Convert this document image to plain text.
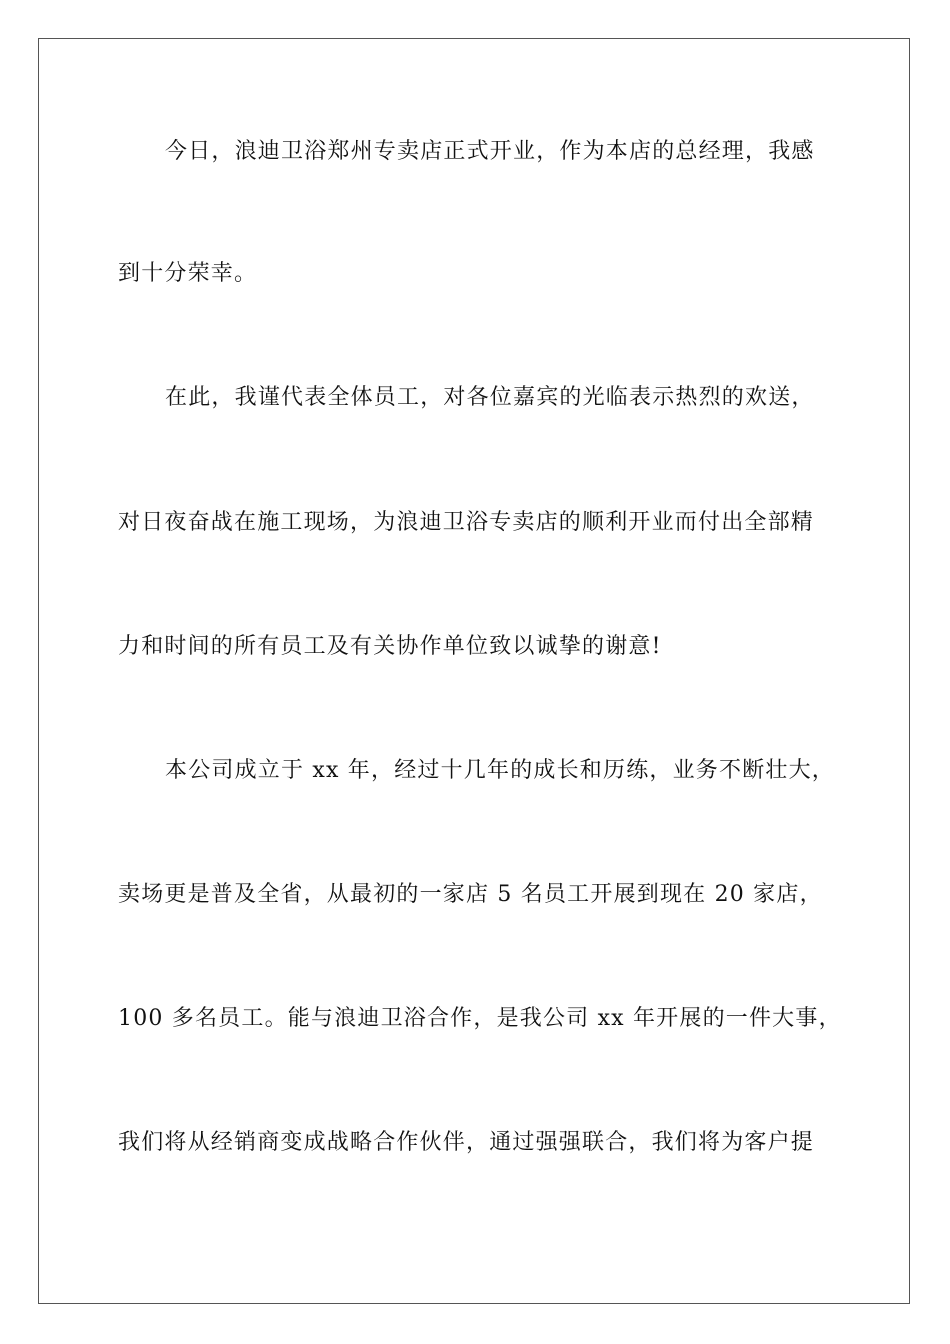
今日，浪迪卫浴郑州专卖店正式开业，作为本店的总经理，我感
到十分荣幸。
在此，我谨代表全体员工，对各位嘉宾的光临表示热烈的欢送，
对日夜奋战在施工现场，为浪迪卫浴专卖店的顺利开业而付出全部精
力和时间的所有员工及有关协作单位致以诚挚的谢意!
本公司成立于 xx 年，经过十几年的成长和历练，业务不断壮大，
卖场更是普及全省，从最初的一家店 5 名员工开展到现在 20 家店，
100 多名员工。能与浪迪卫浴合作，是我公司 xx 年开展的一件大事，
我们将从经销商变成战略合作伙伴，通过强强联合，我们将为客户提
